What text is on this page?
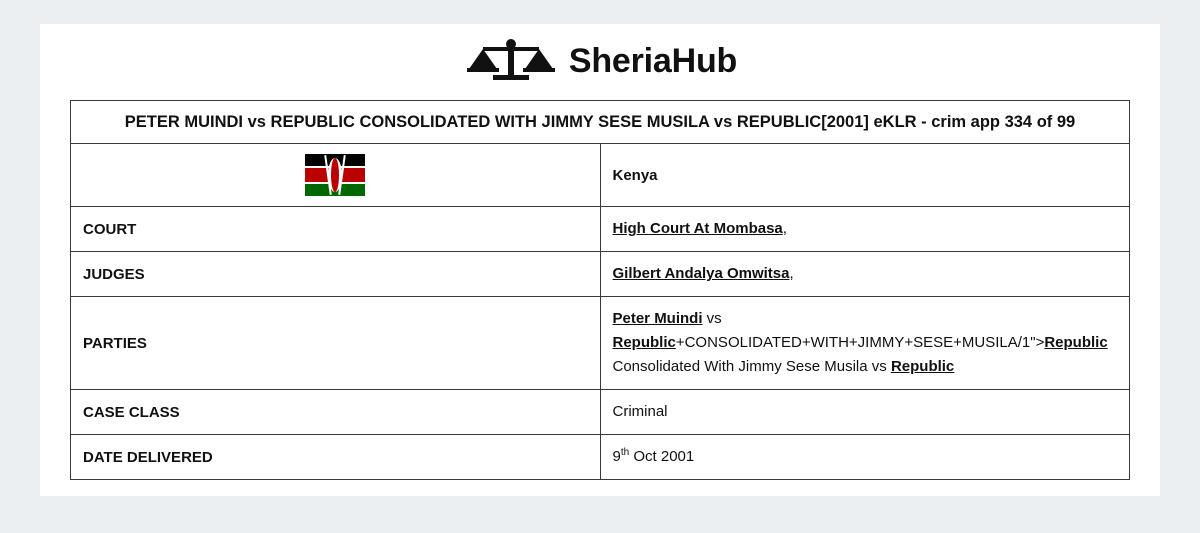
SheriaHub
PETER MUINDI vs REPUBLIC CONSOLIDATED WITH JIMMY SESE MUSILA vs REPUBLIC[2001] eKLR - crim app 334 of 99	

	Kenya
COURT	High Court At Mombasa,
JUDGES	Gilbert Andalya Omwitsa,
PARTIES	Peter Muindi vs Republic+CONSOLIDATED+WITH+JIMMY+SESE+MUSILA/1">Republic
Consolidated With Jimmy Sese Musila vs Republic

CASE CLASS	Criminal
DATE DELIVERED	9th Oct 2001
